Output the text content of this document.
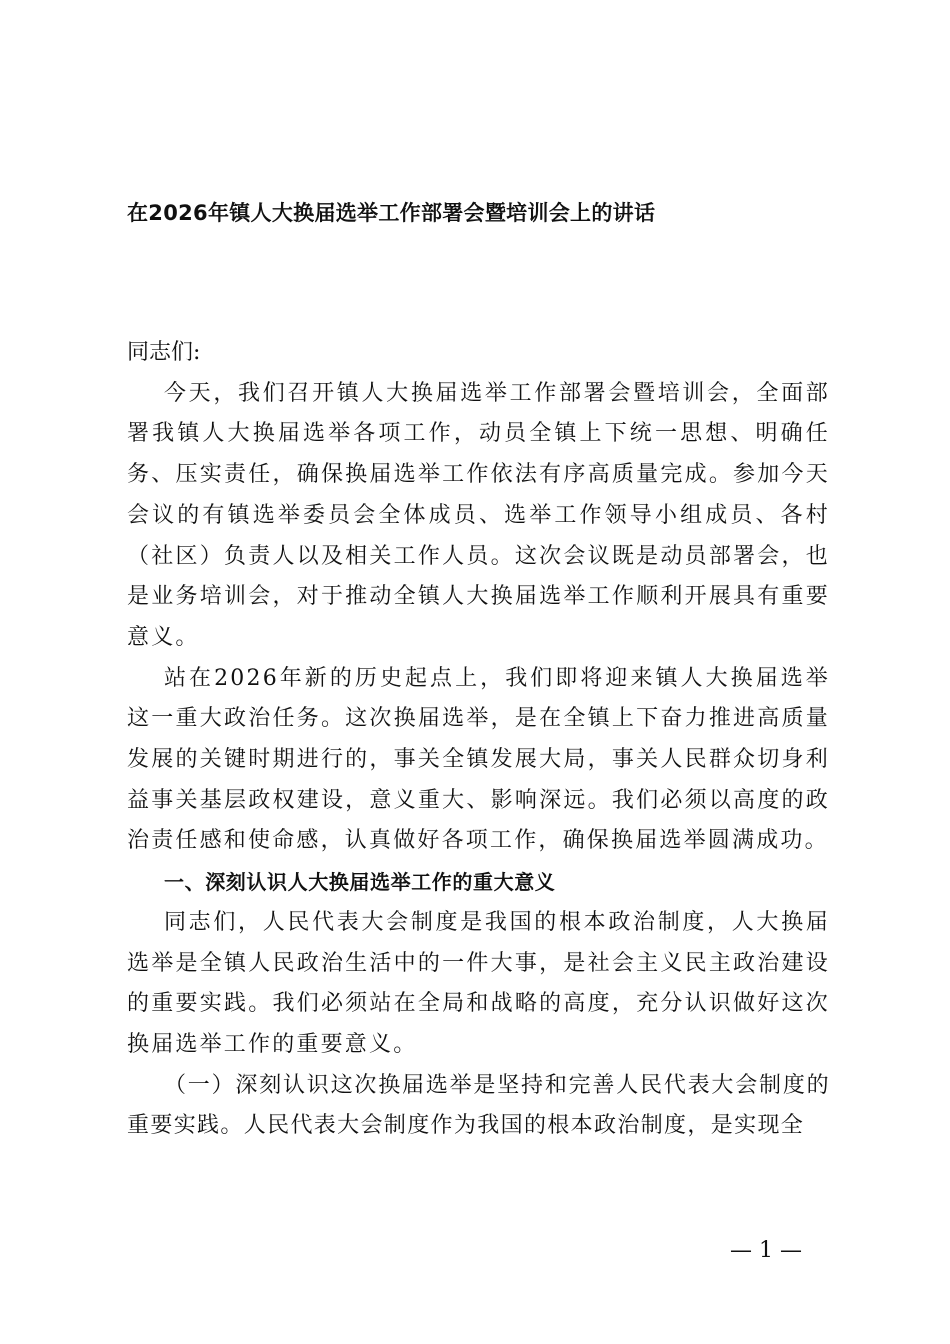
在2026年镇人大换届选举工作部署会暨培训会上的讲话

同志们:

今天，我们召开镇人大换届选举工作部署会暨培训会，全面部署我镇人大换届选举各项工作，动员全镇上下统一思想、明确任务、压实责任，确保换届选举工作依法有序高质量完成。参加今天会议的有镇选举委员会全体成员、选举工作领导小组成员、各村（社区）负责人以及相关工作人员。这次会议既是动员部署会，也是业务培训会，对于推动全镇人大换届选举工作顺利开展具有重要意义。

站在2026年新的历史起点上，我们即将迎来镇人大换届选举这一重大政治任务。这次换届选举，是在全镇上下奋力推进高质量发展的关键时期进行的，事关全镇发展大局，事关人民群众切身利益事关基层政权建设，意义重大、影响深远。我们必须以高度的政治责任感和使命感，认真做好各项工作，确保换届选举圆满成功。

一、深刻认识人大换届选举工作的重大意义

同志们，人民代表大会制度是我国的根本政治制度，人大换届选举是全镇人民政治生活中的一件大事，是社会主义民主政治建设的重要实践。我们必须站在全局和战略的高度，充分认识做好这次换届选举工作的重要意义。

（一）深刻认识这次换届选举是坚持和完善人民代表大会制度的重要实践。人民代表大会制度作为我国的根本政治制度，是实现全

— 1 —
